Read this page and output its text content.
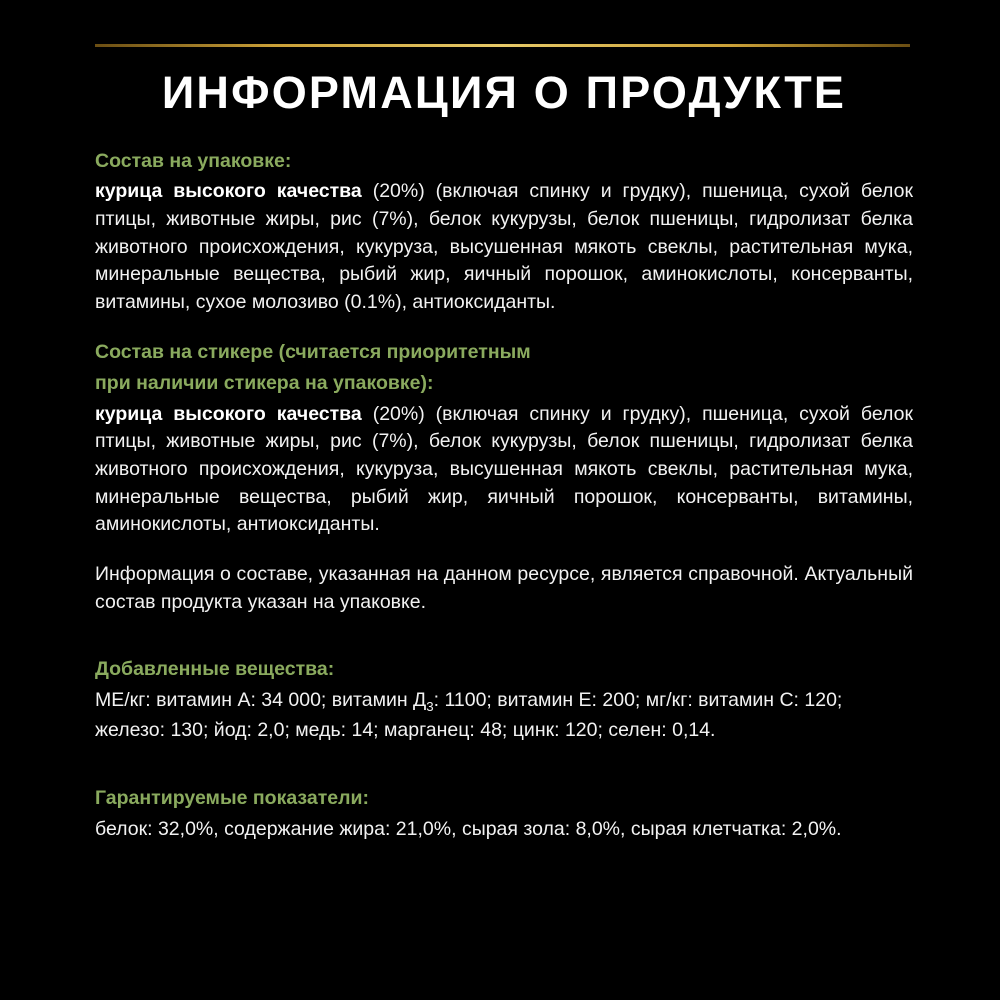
ИНФОРМАЦИЯ О ПРОДУКТЕ

Состав на упаковке:

курица высокого качества (20%) (включая спинку и грудку), пшеница, сухой белок птицы, животные жиры, рис (7%), белок кукурузы, белок пшеницы, гидролизат белка животного происхождения, кукуруза, высушенная мякоть свеклы, растительная мука, минеральные вещества, рыбий жир, яичный порошок, аминокислоты, консерванты, витамины, сухое молозиво (0.1%), антиоксиданты.

Состав на стикере (считается приоритетным

при наличии стикера на упаковке):

курица высокого качества (20%) (включая спинку и грудку), пшеница, сухой белок птицы, животные жиры, рис (7%), белок кукурузы, белок пшеницы, гидролизат белка животного происхождения, кукуруза, высушенная мякоть свеклы, растительная мука, минеральные вещества, рыбий жир, яичный порошок, консерванты, витамины, аминокислоты, антиоксиданты.

Информация о составе, указанная на данном ресурсе, является справочной. Актуальный состав продукта указан на упаковке.

Добавленные вещества:

МЕ/кг: витамин А: 34 000; витамин $Д_3$: 1100; витамин Е: 200; мг/кг: витамин С: 120; железо: 130; йод: 2,0; медь: 14; марганец: 48; цинк: 120; селен: 0,14.

Гарантируемые показатели:

белок: 32,0%, содержание жира: 21,0%, сырая зола: 8,0%, сырая клетчатка: 2,0%.
